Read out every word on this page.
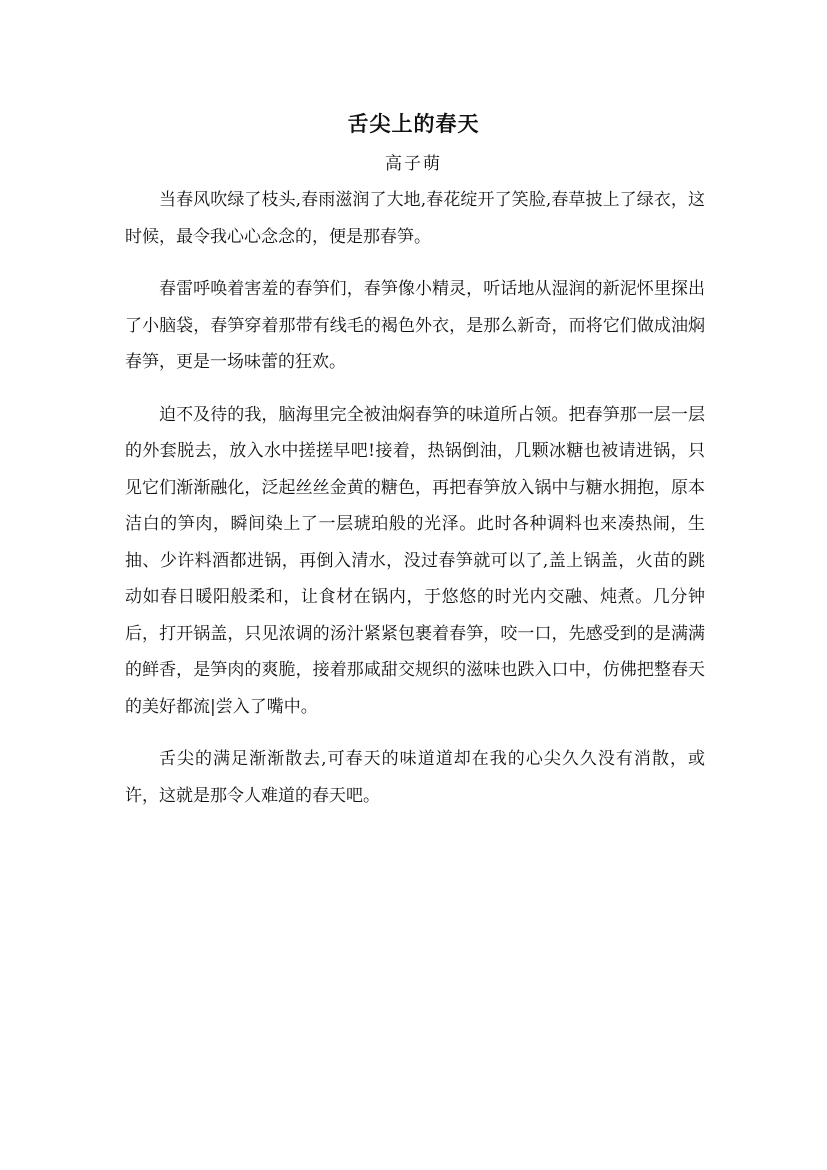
舌尖上的春天
高子萌

当春风吹绿了枝头,春雨滋润了大地,春花绽开了笑脸,春草披上了绿衣，这时候，最令我心心念念的，便是那春笋。

春雷呼唤着害羞的春笋们，春笋像小精灵，听话地从湿润的新泥怀里探出了小脑袋，春笋穿着那带有线毛的褐色外衣，是那么新奇，而将它们做成油焖春笋，更是一场味蕾的狂欢。

迫不及待的我，脑海里完全被油焖春笋的味道所占领。把春笋那一层一层的外套脱去，放入水中搓搓早吧!接着，热锅倒油，几颗冰糖也被请进锅，只见它们渐渐融化，泛起丝丝金黄的糖色，再把春笋放入锅中与糖水拥抱，原本洁白的笋肉，瞬间染上了一层琥珀般的光泽。此时各种调料也来凑热闹，生抽、少许料酒都进锅，再倒入清水，没过春笋就可以了,盖上锅盖，火苗的跳动如春日暖阳般柔和，让食材在锅内，于悠悠的时光内交融、炖煮。几分钟后，打开锅盖，只见浓调的汤汁紧紧包裹着春笋，咬一口，先感受到的是满满的鲜香，是笋肉的爽脆，接着那咸甜交规织的滋味也跌入口中，仿佛把整春天的美好都流|尝入了嘴中。

舌尖的满足渐渐散去,可春天的味道道却在我的心尖久久没有消散，或许，这就是那令人难道的春天吧。
